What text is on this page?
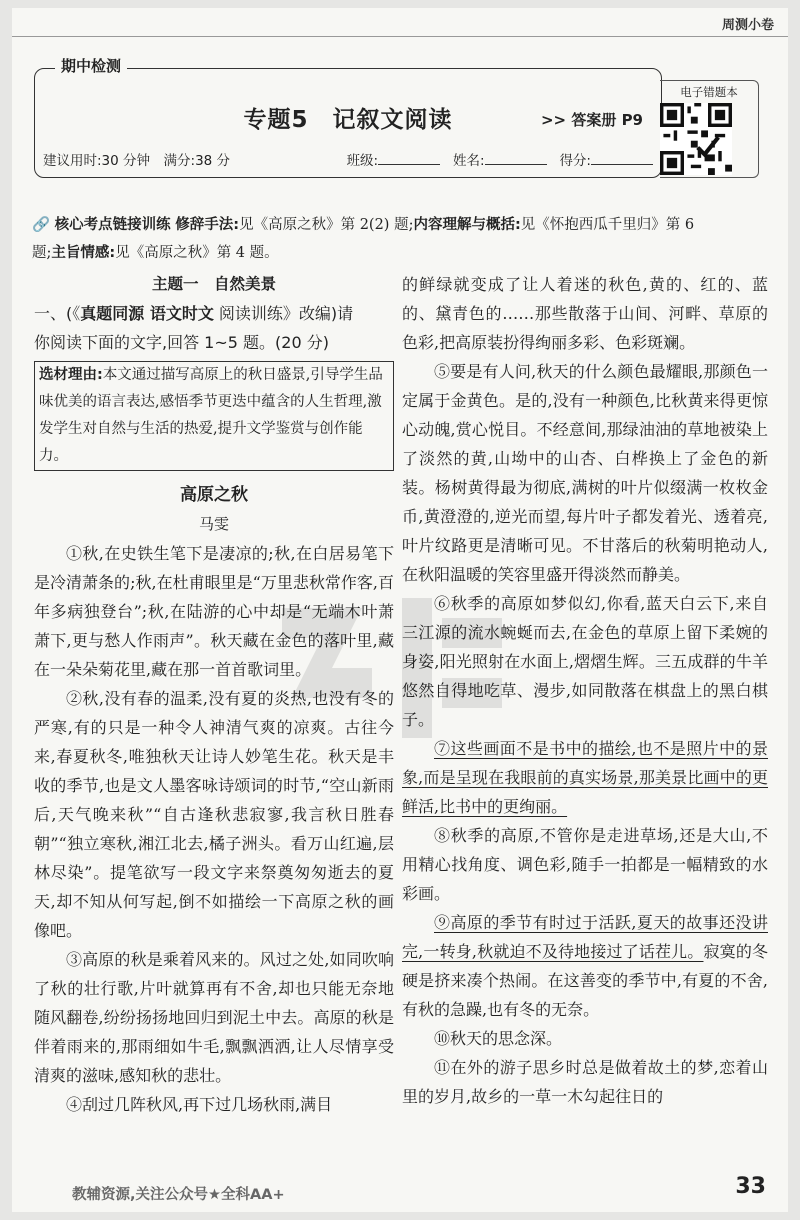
周测小卷
期中检测
专题5　记叙文阅读	>> 答案册 P9
建议用时:30 分钟　满分:38 分	班级:	姓名:	得分:
电子错题本
🔗 核心考点链接训练 修辞手法:见《高原之秋》第 2(2) 题;内容理解与概括:见《怀抱西瓜千里归》第 6
题;主旨情感:见《高原之秋》第 4 题。
主题一　自然美景
一、(《真题同源 语文时文 阅读训练》改编)请
你阅读下面的文字,回答 1~5 题。(20 分)
选材理由:本文通过描写高原上的秋日盛景,引导学生品味优美的语言表达,感悟季节更迭中蕴含的人生哲理,激发学生对自然与生活的热爱,提升文学鉴赏与创作能力。
高原之秋
马雯

①秋,在史铁生笔下是凄凉的;秋,在白居易笔下是冷清萧条的;秋,在杜甫眼里是“万里悲秋常作客,百年多病独登台”;秋,在陆游的心中却是“无端木叶萧萧下,更与愁人作雨声”。秋天藏在金色的落叶里,藏在一朵朵菊花里,藏在那一首首歌词里。

②秋,没有春的温柔,没有夏的炎热,也没有冬的严寒,有的只是一种令人神清气爽的凉爽。古往今来,春夏秋冬,唯独秋天让诗人妙笔生花。秋天是丰收的季节,也是文人墨客咏诗颂词的时节,“空山新雨后,天气晚来秋”“自古逢秋悲寂寥,我言秋日胜春朝”“独立寒秋,湘江北去,橘子洲头。看万山红遍,层林尽染”。提笔欲写一段文字来祭奠匆匆逝去的夏天,却不知从何写起,倒不如描绘一下高原之秋的画像吧。

③高原的秋是乘着风来的。风过之处,如同吹响了秋的壮行歌,片叶就算再有不舍,却也只能无奈地随风翻卷,纷纷扬扬地回归到泥土中去。高原的秋是伴着雨来的,那雨细如牛毛,飘飘洒洒,让人尽情享受清爽的滋味,感知秋的悲壮。

④刮过几阵秋风,再下过几场秋雨,满目

的鲜绿就变成了让人着迷的秋色,黄的、红的、蓝的、黛青色的……那些散落于山间、河畔、草原的色彩,把高原装扮得绚丽多彩、色彩斑斓。

⑤要是有人问,秋天的什么颜色最耀眼,那颜色一定属于金黄色。是的,没有一种颜色,比秋黄来得更惊心动魄,赏心悦目。不经意间,那绿油油的草地被染上了淡然的黄,山坳中的山杏、白桦换上了金色的新装。杨树黄得最为彻底,满树的叶片似缀满一枚枚金币,黄澄澄的,逆光而望,每片叶子都发着光、透着亮,叶片纹路更是清晰可见。不甘落后的秋菊明艳动人,在秋阳温暖的笑容里盛开得淡然而静美。

⑥秋季的高原如梦似幻,你看,蓝天白云下,来自三江源的流水蜿蜒而去,在金色的草原上留下柔婉的身姿,阳光照射在水面上,熠熠生辉。三五成群的牛羊悠然自得地吃草、漫步,如同散落在棋盘上的黑白棋子。

⑦这些画面不是书中的描绘,也不是照片中的景象,而是呈现在我眼前的真实场景,那美景比画中的更鲜活,比书中的更绚丽。

⑧秋季的高原,不管你是走进草场,还是大山,不用精心找角度、调色彩,随手一拍都是一幅精致的水彩画。

⑨高原的季节有时过于活跃,夏天的故事还没讲完,一转身,秋就迫不及待地接过了话茬儿。寂寞的冬硬是挤来凑个热闹。在这善变的季节中,有夏的不舍,有秋的急躁,也有冬的无奈。

⑩秋天的思念深。

⑪在外的游子思乡时总是做着故土的梦,恋着山里的岁月,故乡的一草一木勾起往日的

教辅资源,关注公众号★全科AA+	33
